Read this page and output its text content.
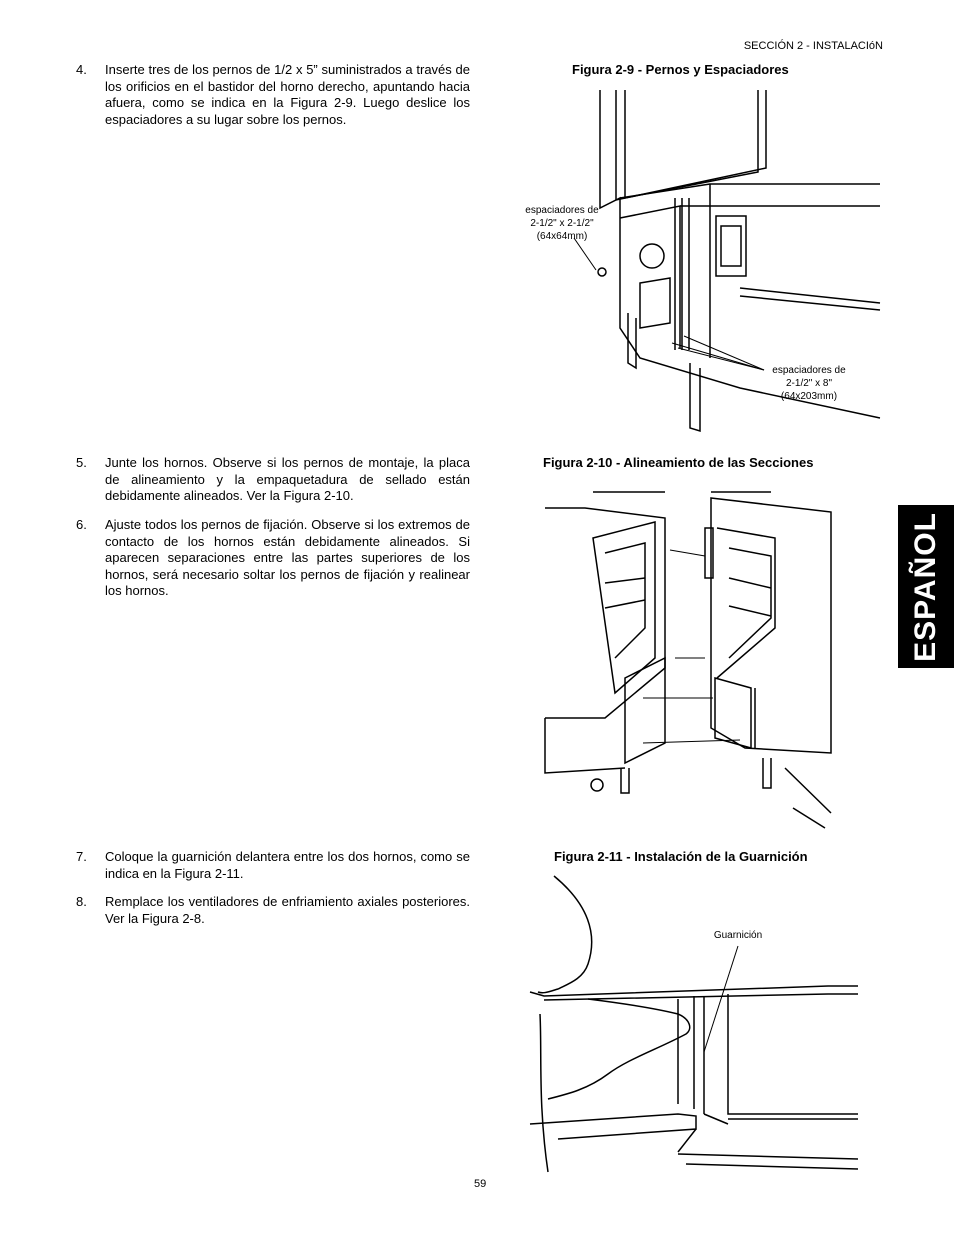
SECCIÓN 2 - INSTALACIóN
4.	Inserte tres de los pernos de 1/2 x 5” suministrados a través de los orificios en el bastidor del horno derecho, apuntando hacia afuera, como se indica en la Figura 2-9. Luego deslice los espaciadores a su lugar sobre los pernos.
5.	Junte los hornos. Observe si los pernos de montaje, la placa de alineamiento y la empaquetadura de sellado están debidamente alineados. Ver la Figura 2-10.
6.	Ajuste todos los pernos de fijación. Observe si los extremos de contacto de los hornos están debidamente alineados. Si aparecen separaciones entre las partes superiores de los hornos, será necesario soltar los pernos de fijación y realinear los hornos.
7.	Coloque la guarnición delantera entre los dos hornos, como se indica en la Figura 2-11.
8.	Remplace los ventiladores de enfriamiento axiales posteriores. Ver la Figura 2-8.
Figura 2-9 - Pernos y Espaciadores
espaciadores de
2-1/2" x 2-1/2"
(64x64mm)
espaciadores de
2-1/2" x 8"
(64x203mm)
Figura 2-10 - Alineamiento de las Secciones
Figura 2-11 - Instalación de la Guarnición
Guarnición
ESPAÑOL
59
